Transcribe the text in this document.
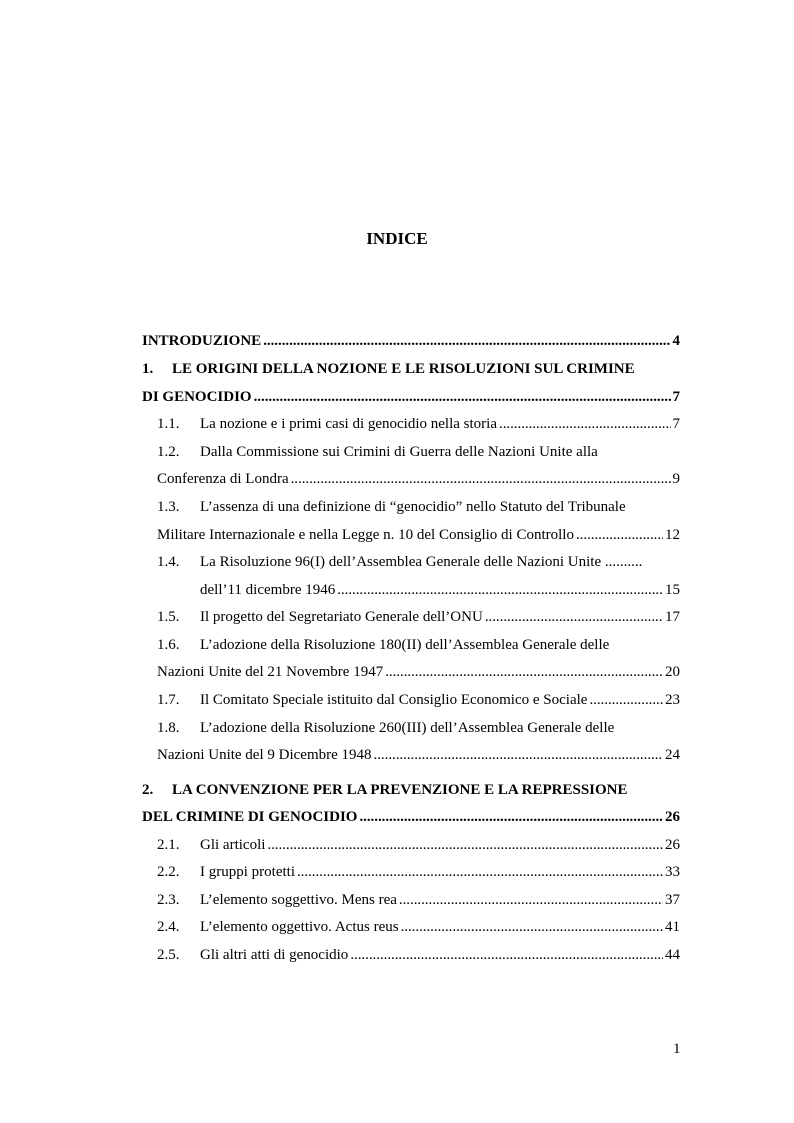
INDICE
INTRODUZIONE . . .	4
1.	LE ORIGINI DELLA NOZIONE E LE RISOLUZIONI SUL CRIMINE
DI GENOCIDIO . . .	7
1.1.	La nozione e i primi casi di genocidio nella storia . . .	7
1.2.	Dalla Commissione sui Crimini di Guerra delle Nazioni Unite alla
Conferenza di Londra . . .	9
1.3.	L’assenza di una definizione di “genocidio” nello Statuto del Tribunale
Militare Internazionale e nella Legge n. 10 del Consiglio di Controllo . . .	12
1.4.	La Risoluzione 96(I) dell’Assemblea Generale delle Nazioni Unite ..........
dell’11 dicembre 1946 . . .	15
1.5.	Il progetto del Segretariato Generale dell’ONU . . .	17
1.6.	L’adozione della Risoluzione 180(II) dell’Assemblea Generale delle
Nazioni Unite del 21 Novembre 1947 . . .	20
1.7.	Il Comitato Speciale istituito dal Consiglio Economico e Sociale . . .	23
1.8.	L’adozione della Risoluzione 260(III) dell’Assemblea Generale delle
Nazioni Unite del 9 Dicembre 1948 . . .	24
2.	LA CONVENZIONE PER LA PREVENZIONE E LA REPRESSIONE
DEL CRIMINE DI GENOCIDIO . . .	26
2.1.	Gli articoli . . .	26
2.2.	I gruppi protetti . . .	33
2.3.	L’elemento soggettivo. Mens rea . . .	37
2.4.	L’elemento oggettivo. Actus reus . . .	41
2.5.	Gli altri atti di genocidio . . .	44
1
